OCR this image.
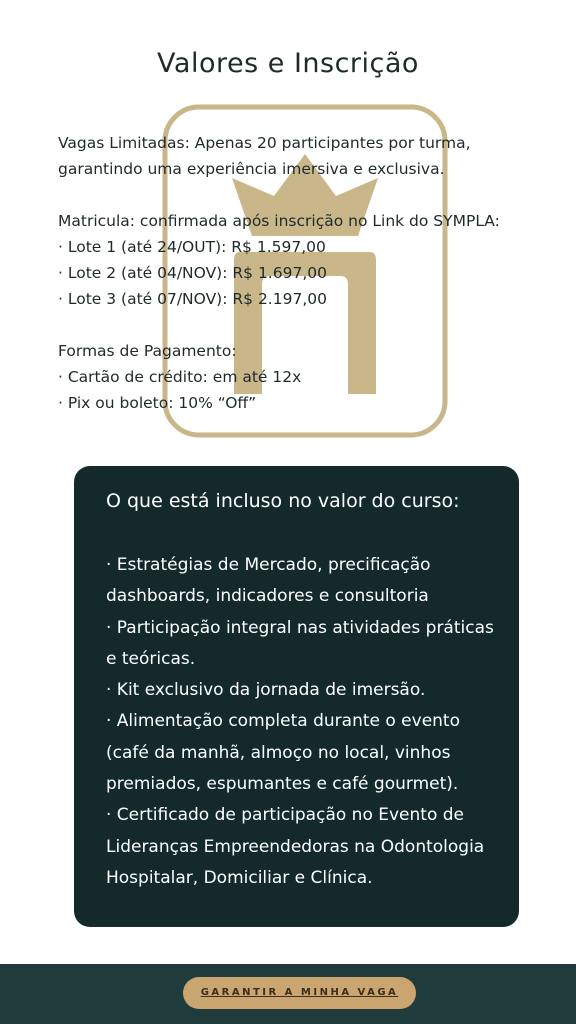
Valores e Inscrição

Vagas Limitadas: Apenas 20 participantes por turma, garantindo uma experiência imersiva e exclusiva.

Matricula: confirmada após inscrição no Link do SYMPLA:

· Lote 1 (até 24/OUT): R$ 1.597,00

· Lote 2 (até 04/NOV): R$ 1.697,00

· Lote 3 (até 07/NOV): R$ 2.197,00

Formas de Pagamento:

· Cartão de crédito: em até 12x

· Pix ou boleto: 10% “Off”

O que está incluso no valor do curso:

· Estratégias de Mercado, precificação dashboards, indicadores e consultoria

· Participação integral nas atividades práticas e teóricas.

· Kit exclusivo da jornada de imersão.

· Alimentação completa durante o evento (café da manhã, almoço no local, vinhos premiados, espumantes e café gourmet).

· Certificado de participação no Evento de Lideranças Empreendedoras na Odontologia Hospitalar, Domiciliar e Clínica.

GARANTIR A MINHA VAGA
